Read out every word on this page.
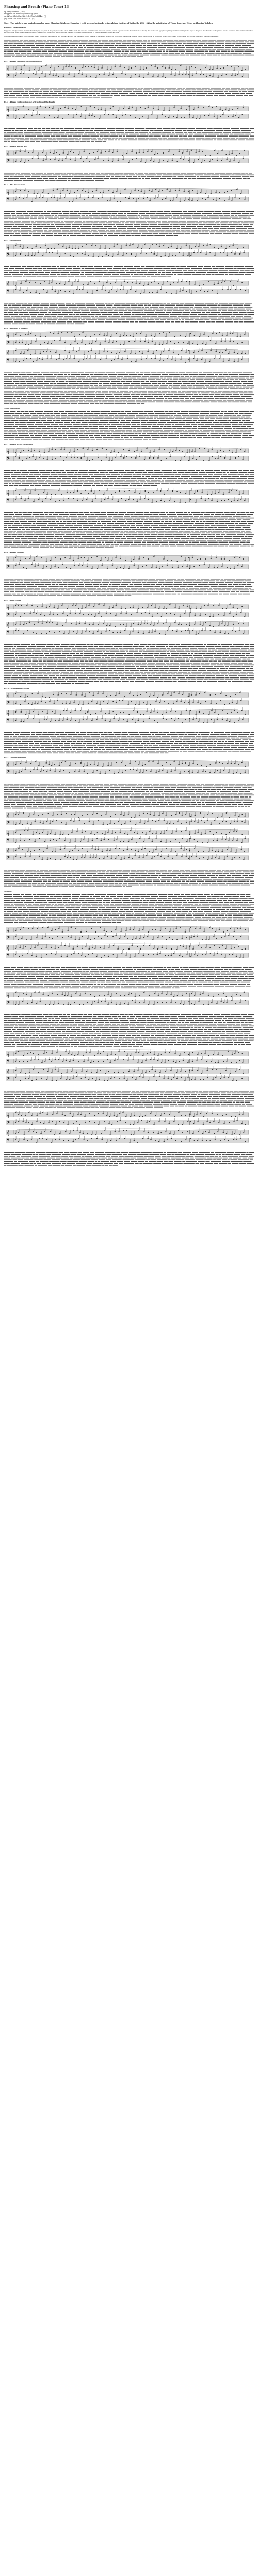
Phrasing and Breath (Piano Tone) 13
by Harry Timmins (1933)
re-typeset for the web (Saddlebag) press
ca.##7e##1b2d8ba####cde9f1aaf9df2d4a... (*)
[w]DOWNLOADS/DOWNLOAD... (**)
Note - This article is a re-work of an earlier paper Phrasing (Windows). Examples 1 to 12 are used as thanks to the Addison Institute of Art for the 1930 - 34 for the substitution of 'Piano' fingering. 'Notes on Phrasing' is below.
General Introduction

Suggested principles drawn from the historic legacy are given in the paragraphs that follow. Whilst much that was said is still relevant in modern practice, certain aspects concern the instrument of the day. The reader will apply these principles with sensitivity to the style of the piece, the character of the phrase, and the resources of the instrument at hand. Phrasing in the widest sense relates the player's breath to the shape of the melodic line, and the ends of phrases are best marked by a slight relaxation of tone and time.

In Phrasing and Articulation Hints, Timmins drew a comparison between song and keyboard, arguing that the pianist should 'breathe' at the close of each phrase in the same manner that a singer would. This principle, he suggested, should apply equally to the longest and shortest divisions of the musical sentence.

Ex. 1 - Phrase Indication in Accompaniment
𝄞
𝄢
Ex. 2 - Phrase Continuation and Articulation of the Breath
𝄞
𝄢
Ex. 3 - Breath and the Slur
𝄞
𝄢
Ex. 4 - The Phrase Mark
𝄞
𝄢
Ex. 5 - Articulation
𝄞
𝄢
𝄞
𝄢
Ex. 6 - Divisions of Phrases
𝄞
𝄢
𝄞
𝄢
Notes on Phrasing
Ex. 7 - Breath Across the Barline
𝄞
𝄢
𝄞
𝄢
Ex. 8 - Phrase Endings
𝄞
𝄢
Ex. 9 - Inner Voices
𝄞
𝄢
𝄞
𝄢
Ex. 10 - Overlapping Phrases
𝄞
𝄢
𝄞
𝄢
Ex. 11 - Cadential Breath
𝄞
𝄢
𝄞
𝄢
𝄞
𝄢
𝄞
𝄢
Summary
𝄞
𝄢
𝄞
𝄢
𝄞
𝄢
𝄞
𝄢
𝄞
𝄢
𝄞
𝄢
𝄞
𝄢
